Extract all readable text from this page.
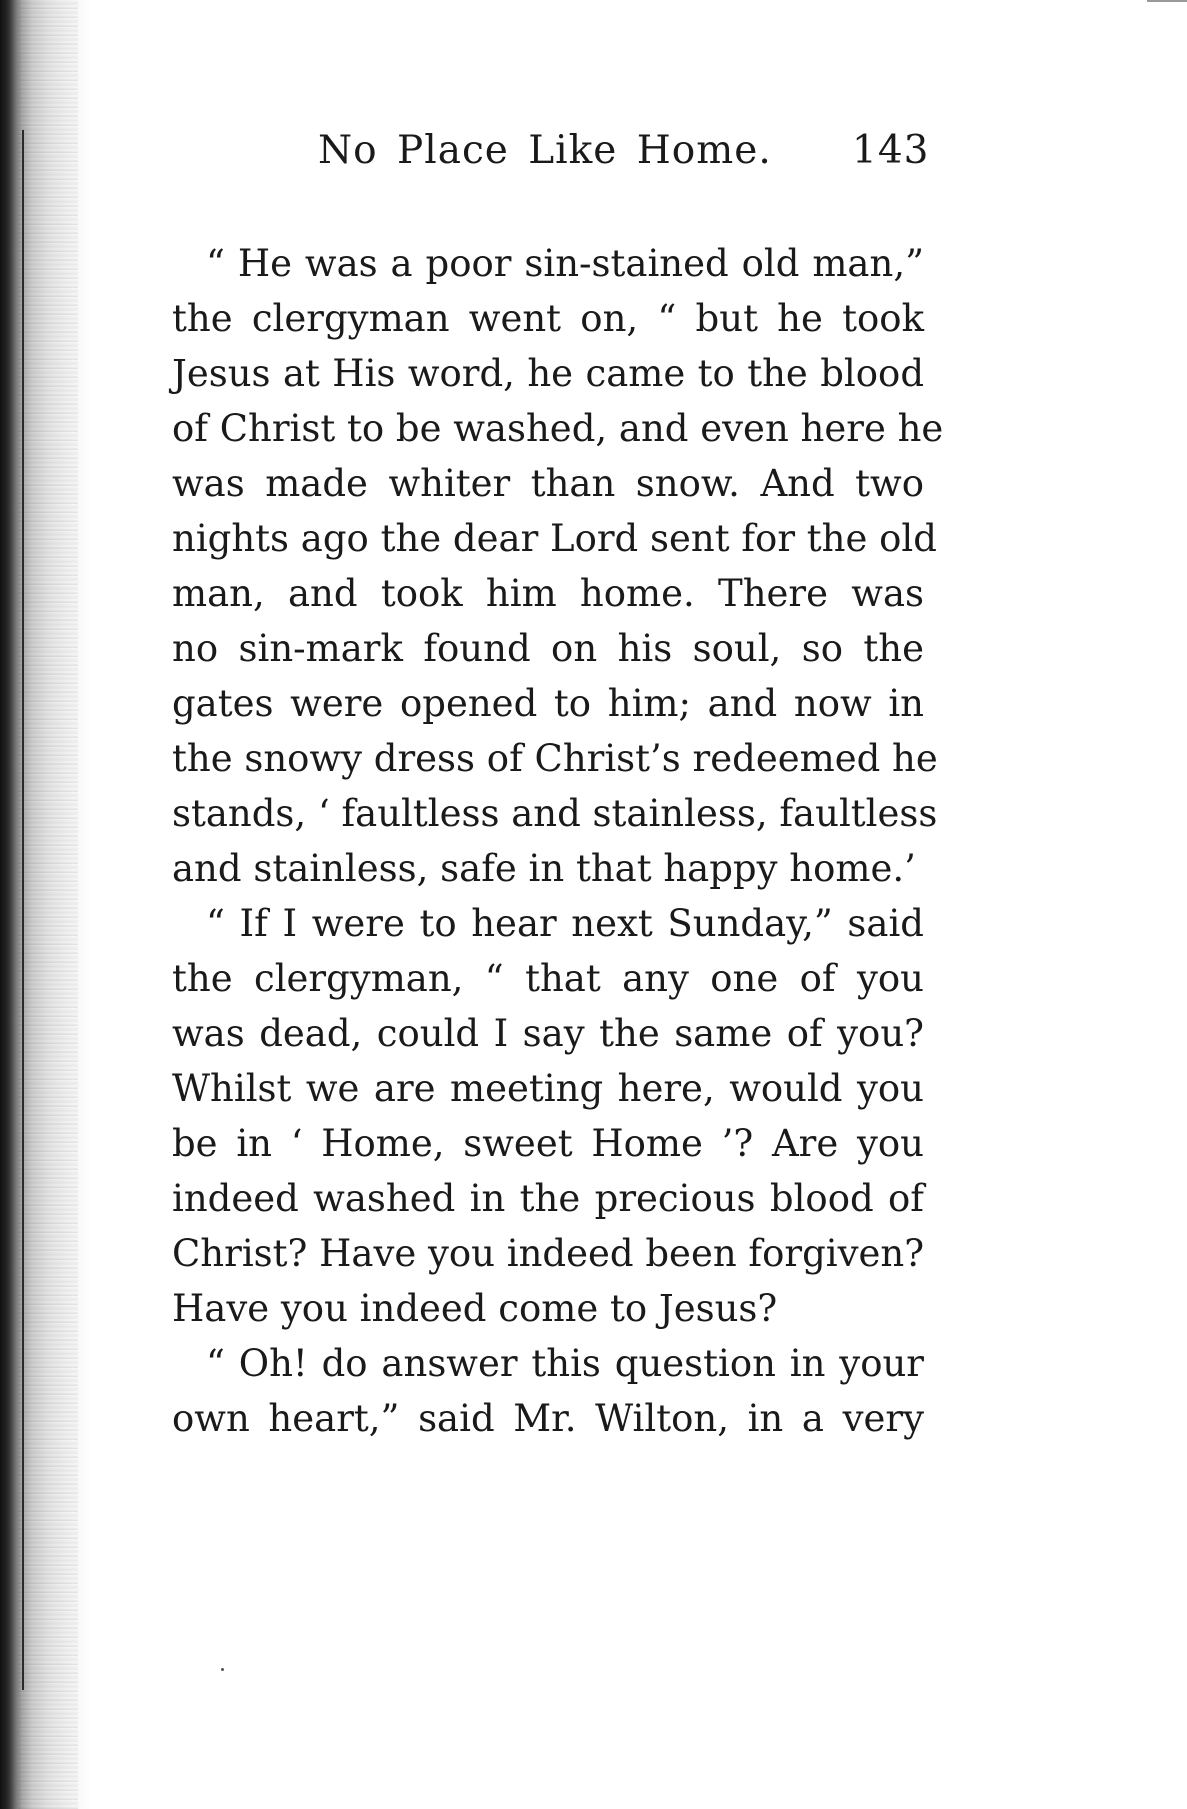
No Place Like Home. 143
“ He was a poor sin-stained old man,”
the clergyman went on, “ but he took
Jesus at His word, he came to the blood
of Christ to be washed, and even here he
was made whiter than snow. And two
nights ago the dear Lord sent for the old
man, and took him home. There was
no sin-mark found on his soul, so the
gates were opened to him; and now in
the snowy dress of Christ’s redeemed he
stands, ‘ faultless and stainless, faultless
and stainless, safe in that happy home.’
“ If I were to hear next Sunday,” said
the clergyman, “ that any one of you
was dead, could I say the same of you?
Whilst we are meeting here, would you
be in ‘ Home, sweet Home ’? Are you
indeed washed in the precious blood of
Christ? Have you indeed been forgiven?
Have you indeed come to Jesus?
“ Oh! do answer this question in your
own heart,” said Mr. Wilton, in a very
